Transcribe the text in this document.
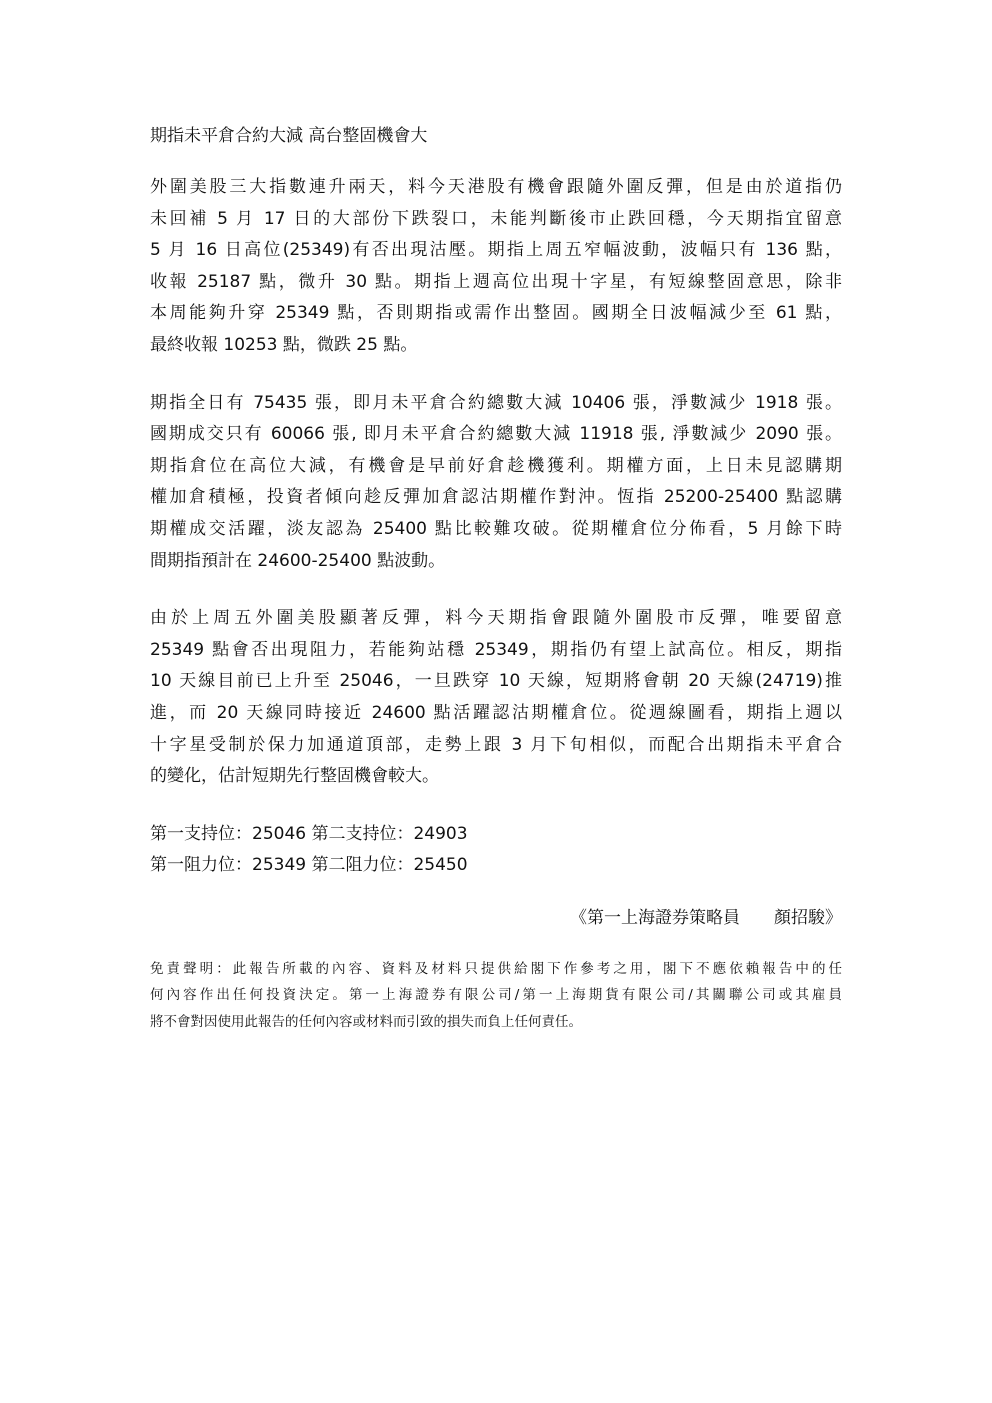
期指未平倉合約大減 高台整固機會大

外圍美股三大指數連升兩天，料今天港股有機會跟隨外圍反彈，但是由於道指仍
未回補 5 月 17 日的大部份下跌裂口，未能判斷後市止跌回穩，今天期指宜留意
5 月 16 日高位(25349)有否出現沽壓。期指上周五窄幅波動，波幅只有 136 點，
收報 25187 點，微升 30 點。期指上週高位出現十字星，有短線整固意思，除非
本周能夠升穿 25349 點，否則期指或需作出整固。國期全日波幅減少至 61 點，
最終收報 10253 點，微跌 25 點。

期指全日有 75435 張，即月未平倉合約總數大減 10406 張，淨數減少 1918 張。
國期成交只有 60066 張, 即月未平倉合約總數大減 11918 張, 淨數減少 2090 張。
期指倉位在高位大減，有機會是早前好倉趁機獲利。期權方面，上日未見認購期
權加倉積極，投資者傾向趁反彈加倉認沽期權作對沖。恆指 25200-25400 點認購
期權成交活躍，淡友認為 25400 點比較難攻破。從期權倉位分佈看，5 月餘下時
間期指預計在 24600-25400 點波動。

由於上周五外圍美股顯著反彈，料今天期指會跟隨外圍股市反彈，唯要留意
25349 點會否出現阻力，若能夠站穩 25349，期指仍有望上試高位。相反，期指
10 天線目前已上升至 25046，一旦跌穿 10 天線，短期將會朝 20 天線(24719)推
進，而 20 天線同時接近 24600 點活躍認沽期權倉位。從週線圖看，期指上週以
十字星受制於保力加通道頂部，走勢上跟 3 月下旬相似，而配合出期指未平倉合
的變化，估計短期先行整固機會較大。

第一支持位：25046 第二支持位：24903
第一阻力位：25349 第二阻力位：25450
《第一上海證券策略員　　顏招駿》

免責聲明：此報告所載的內容、資料及材料只提供給閣下作參考之用，閣下不應依賴報告中的任
何內容作出任何投資決定。第一上海證券有限公司/第一上海期貨有限公司/其關聯公司或其雇員
將不會對因使用此報告的任何內容或材料而引致的損失而負上任何責任。
